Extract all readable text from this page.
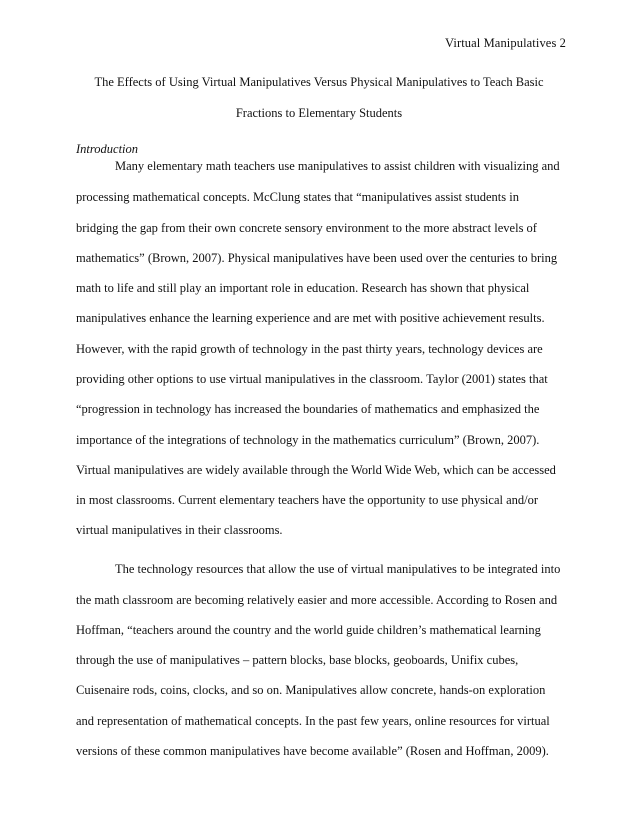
Virtual Manipulatives 2
The Effects of Using Virtual Manipulatives Versus Physical Manipulatives to Teach Basic
Fractions to Elementary Students
Introduction
Many elementary math teachers use manipulatives to assist children with visualizing and
processing mathematical concepts. McClung states that “manipulatives assist students in
bridging the gap from their own concrete sensory environment to the more abstract levels of
mathematics” (Brown, 2007). Physical manipulatives have been used over the centuries to bring
math to life and still play an important role in education. Research has shown that physical
manipulatives enhance the learning experience and are met with positive achievement results.
However, with the rapid growth of technology in the past thirty years, technology devices are
providing other options to use virtual manipulatives in the classroom. Taylor (2001) states that
“progression in technology has increased the boundaries of mathematics and emphasized the
importance of the integrations of technology in the mathematics curriculum” (Brown, 2007).
Virtual manipulatives are widely available through the World Wide Web, which can be accessed
in most classrooms. Current elementary teachers have the opportunity to use physical and/or
virtual manipulatives in their classrooms.
The technology resources that allow the use of virtual manipulatives to be integrated into
the math classroom are becoming relatively easier and more accessible. According to Rosen and
Hoffman, “teachers around the country and the world guide children’s mathematical learning
through the use of manipulatives – pattern blocks, base blocks, geoboards, Unifix cubes,
Cuisenaire rods, coins, clocks, and so on. Manipulatives allow concrete, hands-on exploration
and representation of mathematical concepts. In the past few years, online resources for virtual
versions of these common manipulatives have become available” (Rosen and Hoffman, 2009).
